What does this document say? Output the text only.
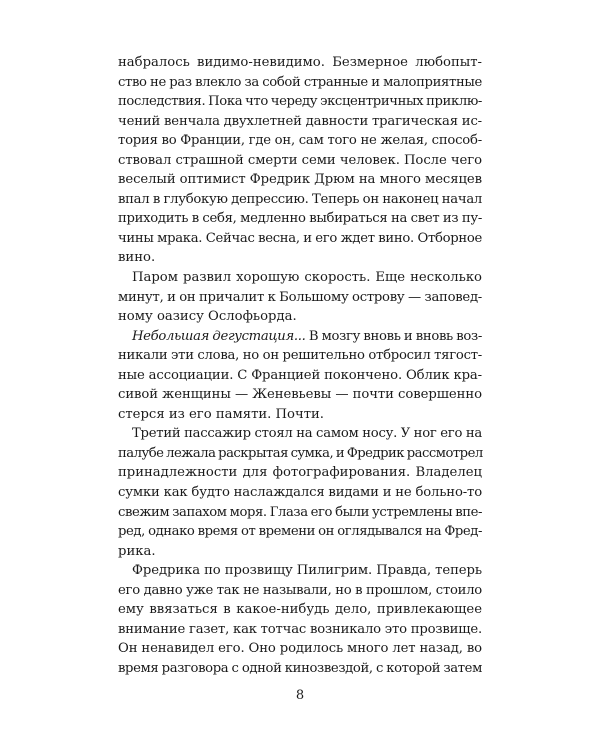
набралось видимо-невидимо. Безмерное любопыт-
ство не раз влекло за собой странные и малоприятные
последствия. Пока что череду эксцентричных приклю-
чений венчала двухлетней давности трагическая ис-
тория во Франции, где он, сам того не желая, способ-
ствовал страшной смерти семи человек. После чего
веселый оптимист Фредрик Дрюм на много месяцев
впал в глубокую депрессию. Теперь он наконец начал
приходить в себя, медленно выбираться на свет из пу-
чины мрака. Сейчас весна, и его ждет вино. Отборное
вино.
Паром развил хорошую скорость. Еще несколько
минут, и он причалит к Большому острову — заповед-
ному оазису Ослофьорда.
Небольшая дегустация... В мозгу вновь и вновь воз-
никали эти слова, но он решительно отбросил тягост-
ные ассоциации. С Францией покончено. Облик кра-
сивой женщины — Женевьевы — почти совершенно
стерся из его памяти. Почти.
Третий пассажир стоял на самом носу. У ног его на
палубе лежала раскрытая сумка, и Фредрик рассмотрел
принадлежности для фотографирования. Владелец
сумки как будто наслаждался видами и не больно-то
свежим запахом моря. Глаза его были устремлены впе-
ред, однако время от времени он оглядывался на Фред-
рика.
Фредрика по прозвищу Пилигрим. Правда, теперь
его давно уже так не называли, но в прошлом, стоило
ему ввязаться в какое-нибудь дело, привлекающее
внимание газет, как тотчас возникало это прозвище.
Он ненавидел его. Оно родилось много лет назад, во
время разговора с одной кинозвездой, с которой затем
8
